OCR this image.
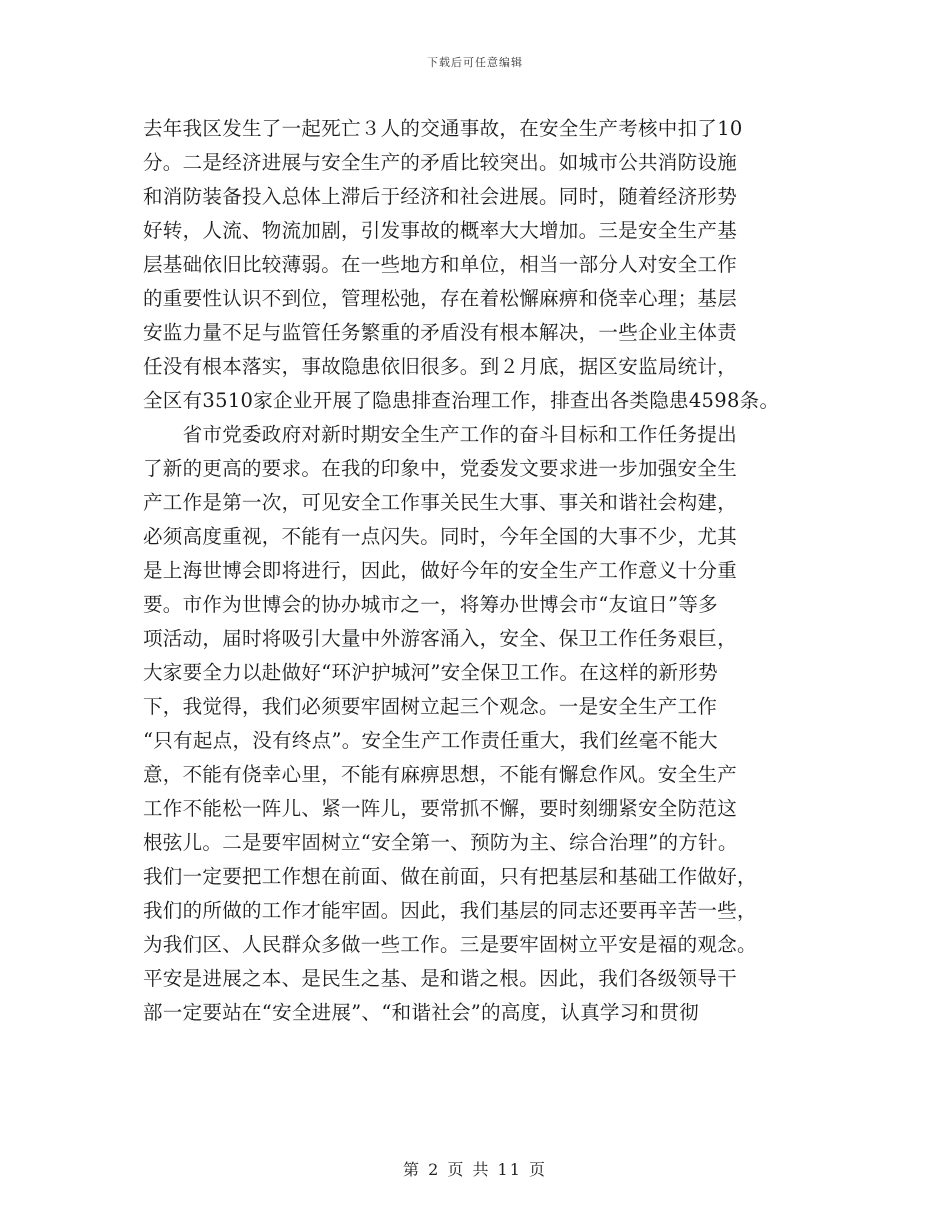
下载后可任意编辑
去年我区发生了一起死亡３人的交通事故，在安全生产考核中扣了10
分。二是经济进展与安全生产的矛盾比较突出。如城市公共消防设施
和消防装备投入总体上滞后于经济和社会进展。同时，随着经济形势
好转，人流、物流加剧，引发事故的概率大大增加。三是安全生产基
层基础依旧比较薄弱。在一些地方和单位，相当一部分人对安全工作
的重要性认识不到位，管理松弛，存在着松懈麻痹和侥幸心理；基层
安监力量不足与监管任务繁重的矛盾没有根本解决，一些企业主体责
任没有根本落实，事故隐患依旧很多。到２月底，据区安监局统计，
全区有3510家企业开展了隐患排查治理工作，排查出各类隐患4598条。
　　省市党委政府对新时期安全生产工作的奋斗目标和工作任务提出
了新的更高的要求。在我的印象中，党委发文要求进一步加强安全生
产工作是第一次，可见安全工作事关民生大事、事关和谐社会构建，
必须高度重视，不能有一点闪失。同时，今年全国的大事不少，尤其
是上海世博会即将进行，因此，做好今年的安全生产工作意义十分重
要。市作为世博会的协办城市之一，将筹办世博会市“友谊日”等多
项活动，届时将吸引大量中外游客涌入，安全、保卫工作任务艰巨，
大家要全力以赴做好“环沪护城河”安全保卫工作。在这样的新形势
下，我觉得，我们必须要牢固树立起三个观念。一是安全生产工作
“只有起点，没有终点”。安全生产工作责任重大，我们丝毫不能大
意，不能有侥幸心里，不能有麻痹思想，不能有懈怠作风。安全生产
工作不能松一阵儿、紧一阵儿，要常抓不懈，要时刻绷紧安全防范这
根弦儿。二是要牢固树立“安全第一、预防为主、综合治理”的方针。
我们一定要把工作想在前面、做在前面，只有把基层和基础工作做好，
我们的所做的工作才能牢固。因此，我们基层的同志还要再辛苦一些，
为我们区、人民群众多做一些工作。三是要牢固树立平安是福的观念。
平安是进展之本、是民生之基、是和谐之根。因此，我们各级领导干
部一定要站在“安全进展”、“和谐社会”的高度，认真学习和贯彻
第 2 页 共 11 页
